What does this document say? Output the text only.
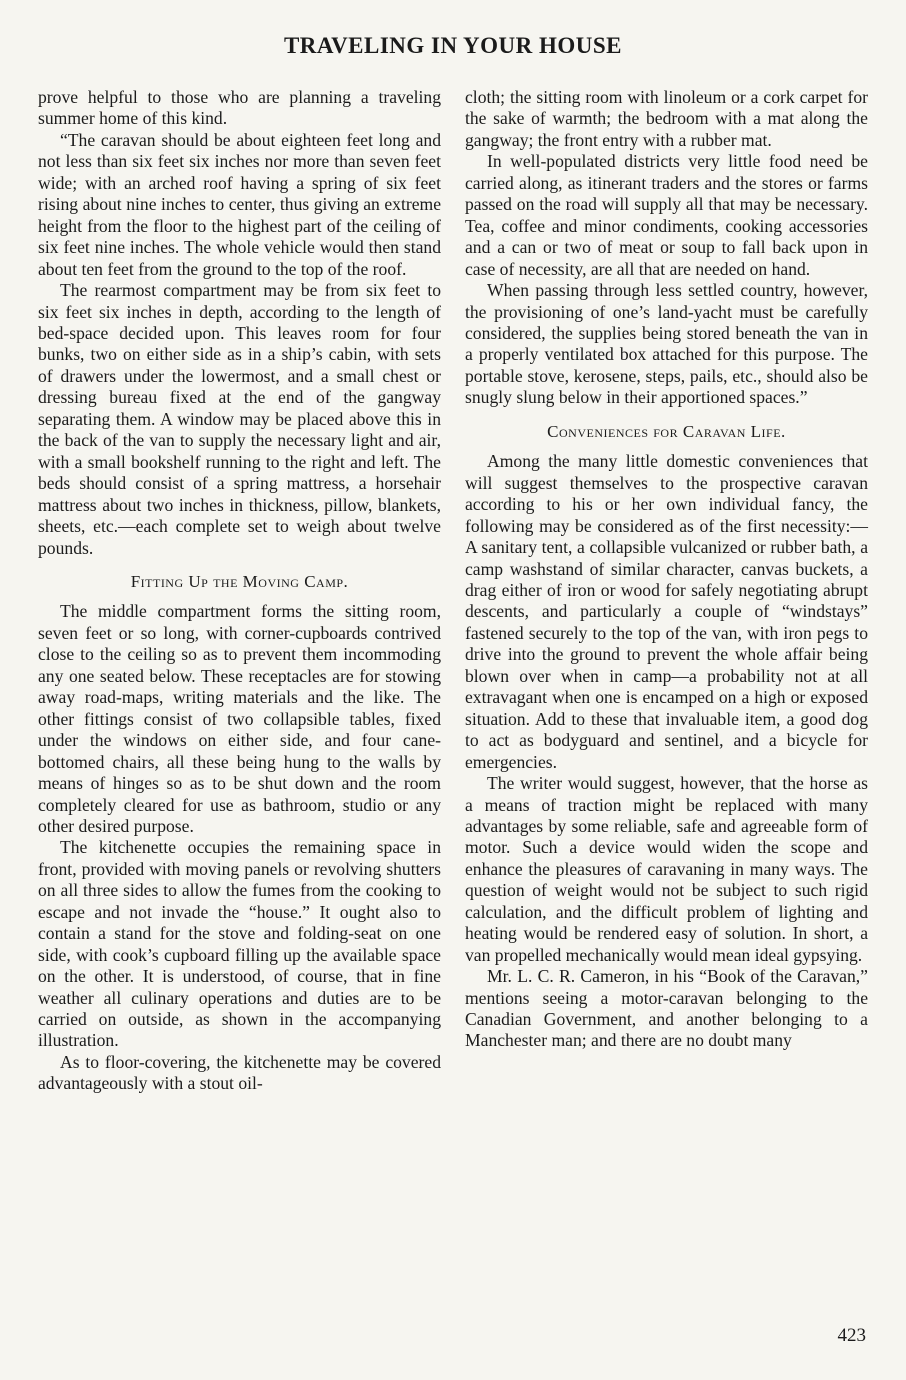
TRAVELING IN YOUR HOUSE

prove helpful to those who are planning a traveling summer home of this kind.

“The caravan should be about eighteen feet long and not less than six feet six inches nor more than seven feet wide; with an arched roof having a spring of six feet rising about nine inches to center, thus giving an extreme height from the floor to the highest part of the ceiling of six feet nine inches. The whole vehicle would then stand about ten feet from the ground to the top of the roof.

The rearmost compartment may be from six feet to six feet six inches in depth, according to the length of bed-space decided upon. This leaves room for four bunks, two on either side as in a ship’s cabin, with sets of drawers under the lowermost, and a small chest or dressing bureau fixed at the end of the gangway separating them. A window may be placed above this in the back of the van to supply the necessary light and air, with a small bookshelf running to the right and left. The beds should consist of a spring mattress, a horsehair mattress about two inches in thickness, pillow, blankets, sheets, etc.—each complete set to weigh about twelve pounds.

Fitting Up the Moving Camp.

The middle compartment forms the sitting room, seven feet or so long, with corner-cupboards contrived close to the ceiling so as to prevent them incommoding any one seated below. These receptacles are for stowing away road-maps, writing materials and the like. The other fittings consist of two collapsible tables, fixed under the windows on either side, and four cane-bottomed chairs, all these being hung to the walls by means of hinges so as to be shut down and the room completely cleared for use as bathroom, studio or any other desired purpose.

The kitchenette occupies the remaining space in front, provided with moving panels or revolving shutters on all three sides to allow the fumes from the cooking to escape and not invade the “house.” It ought also to contain a stand for the stove and folding-seat on one side, with cook’s cupboard filling up the available space on the other. It is understood, of course, that in fine weather all culinary operations and duties are to be carried on outside, as shown in the accompanying illustration.

As to floor-covering, the kitchenette may be covered advantageously with a stout oil-

cloth; the sitting room with linoleum or a cork carpet for the sake of warmth; the bedroom with a mat along the gangway; the front entry with a rubber mat.

In well-populated districts very little food need be carried along, as itinerant traders and the stores or farms passed on the road will supply all that may be necessary. Tea, coffee and minor condiments, cooking accessories and a can or two of meat or soup to fall back upon in case of necessity, are all that are needed on hand.

When passing through less settled country, however, the provisioning of one’s land-yacht must be carefully considered, the supplies being stored beneath the van in a properly ventilated box attached for this purpose. The portable stove, kerosene, steps, pails, etc., should also be snugly slung below in their apportioned spaces.”

Conveniences for Caravan Life.

Among the many little domestic conveniences that will suggest themselves to the prospective caravan according to his or her own individual fancy, the following may be considered as of the first necessity:— A sanitary tent, a collapsible vulcanized or rubber bath, a camp washstand of similar character, canvas buckets, a drag either of iron or wood for safely negotiating abrupt descents, and particularly a couple of “windstays” fastened securely to the top of the van, with iron pegs to drive into the ground to prevent the whole affair being blown over when in camp—a probability not at all extravagant when one is encamped on a high or exposed situation. Add to these that invaluable item, a good dog to act as bodyguard and sentinel, and a bicycle for emergencies.

The writer would suggest, however, that the horse as a means of traction might be replaced with many advantages by some reliable, safe and agreeable form of motor. Such a device would widen the scope and enhance the pleasures of caravaning in many ways. The question of weight would not be subject to such rigid calculation, and the difficult problem of lighting and heating would be rendered easy of solution. In short, a van propelled mechanically would mean ideal gypsying.

Mr. L. C. R. Cameron, in his “Book of the Caravan,” mentions seeing a motor-caravan belonging to the Canadian Government, and another belonging to a Manchester man; and there are no doubt many

423
